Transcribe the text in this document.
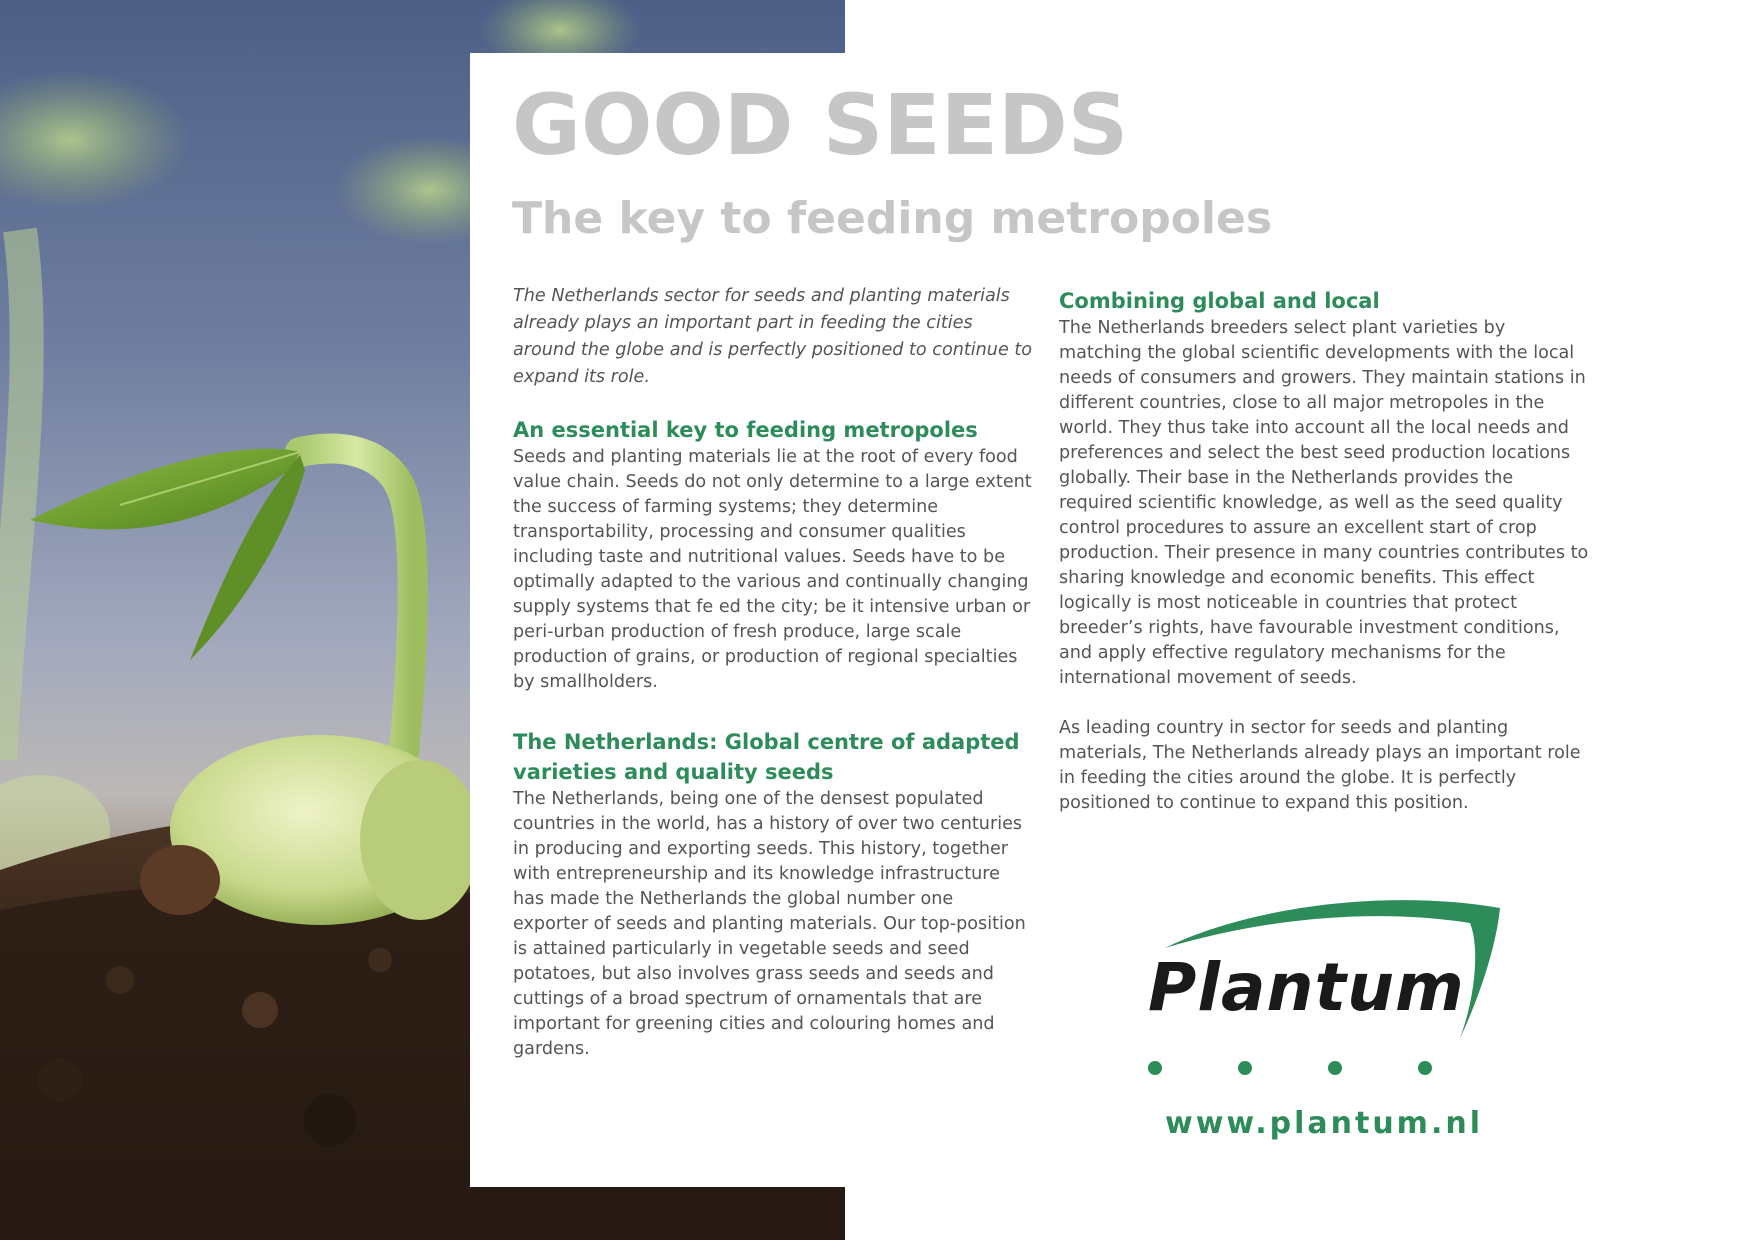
GOOD SEEDS
The key to feeding metropoles

The Netherlands sector for seeds and planting materials already plays an important part in feeding the cities around the globe and is perfectly positioned to continue to expand its role.

An essential key to feeding metropoles

Seeds and planting materials lie at the root of every food value chain. Seeds do not only determine to a large extent the success of farming systems; they determine transportability, processing and consumer qualities including taste and nutritional values. Seeds have to be optimally adapted to the various and continually changing supply systems that fe ed the city; be it intensive urban or peri-urban production of fresh produce, large scale production of grains, or production of regional specialties by smallholders.

The Netherlands: Global centre of adapted varieties and quality seeds

The Netherlands, being one of the densest populated countries in the world, has a history of over two centuries in producing and exporting seeds. This history, together with entrepreneurship and its knowledge infrastructure has made the Netherlands the global number one exporter of seeds and planting materials. Our top-position is attained particularly in vegetable seeds and seed potatoes, but also involves grass seeds and seeds and cuttings of a broad spectrum of ornamentals that are important for greening cities and colouring homes and gardens.

Combining global and local

The Netherlands breeders select plant varieties by matching the global scientific developments with the local needs of consumers and growers. They maintain stations in different countries, close to all major metropoles in the world. They thus take into account all the local needs and preferences and select the best seed production locations globally. Their base in the Netherlands provides the required scientific knowledge, as well as the seed quality control procedures to assure an excellent start of crop production. Their presence in many countries contributes to sharing knowledge and economic benefits. This effect logically is most noticeable in countries that protect breeder’s rights, have favourable investment conditions, and apply effective regulatory mechanisms for the international movement of seeds.

As leading country in sector for seeds and planting materials, The Netherlands already plays an important role in feeding the cities around the globe. It is perfectly positioned to continue to expand this position.

Plantum
www.plantum.nl
